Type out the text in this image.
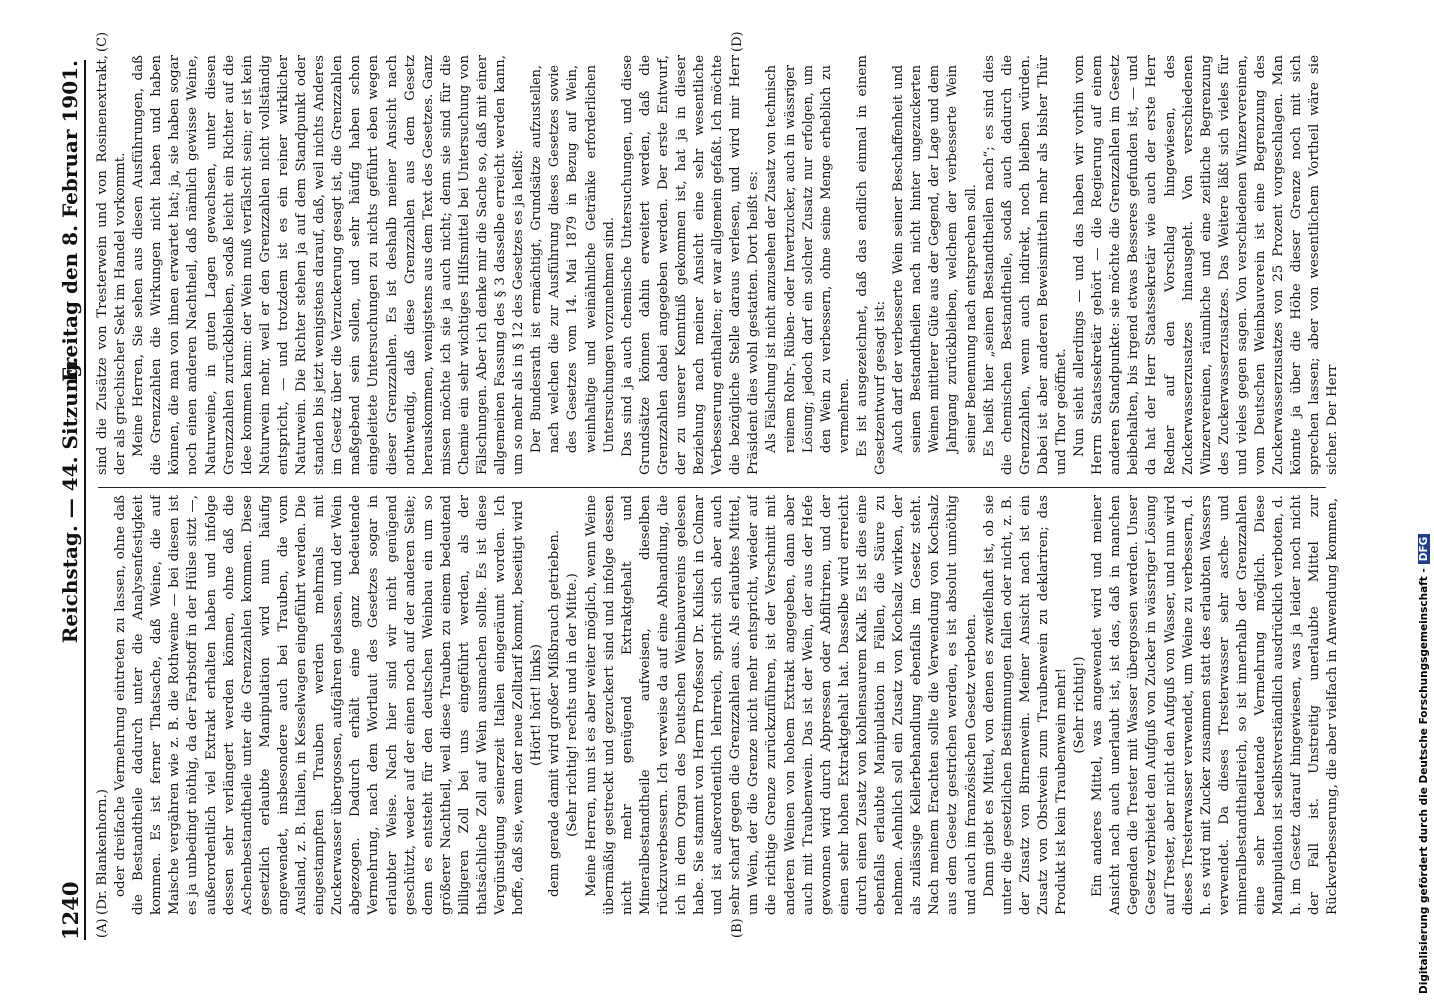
1240
Reichstag. — 44. Sitzung.
Freitag den 8. Februar 1901.
(A)	(B)
(C)	(D)

(Dr. Blankenhorn.) oder dreifache Vermehrung eintreten zu lassen, ohne daß die Bestandtheile dadurch unter die Analysenfestigkeit kommen. Es ist ferner Thatsache, daß Weine, die auf Maische vergähren wie z. B. die Rothweine — bei diesen ist es ja unbedingt nöthig, da der Farbstoff in der Hülse sitzt —, außerordentlich viel Extrakt erhalten haben und infolge dessen sehr verlängert werden können, ohne daß die Aschenbestandtheile unter die Grenzzahlen kommen. Diese gesetzlich erlaubte Manipulation wird nun häufig angewendet, insbesondere auch bei Trauben, die vom Ausland, z. B. Italien, in Kesselwagen eingeführt werden. Die eingestampften Trauben werden mehrmals mit Zuckerwasser übergossen, aufgähren gelassen, und der Wein abgezogen. Dadurch erhält eine ganz bedeutende Vermehrung, nach dem Wortlaut des Gesetzes sogar in erlaubter Weise. Nach hier sind wir nicht genügend geschützt, weder auf der einen noch auf der anderen Seite; denn es entsteht für den deutschen Weinbau ein um so größerer Nachtheil, weil diese Trauben zu einem bedeutend billigeren Zoll bei uns eingeführt werden, als der thatsächliche Zoll auf Wein ausmachen sollte. Es ist diese Vergünstigung seinerzeit Italien eingeräumt worden. Ich hoffe, daß sie, wenn der neue Zolltarif kommt, beseitigt wird (Hört! hört! links) denn gerade damit wird großer Mißbrauch getrieben. (Sehr richtig! rechts und in der Mitte.) Meine Herren, nun ist es aber weiter möglich, wenn Weine übermäßig gestreckt und gezuckert sind und infolge dessen nicht mehr genügend Extraktgehalt und Mineralbestandtheile aufweisen, dieselben rückzuverbessern. Ich verweise da auf eine Abhandlung, die ich in dem Organ des Deutschen Weinbauvereins gelesen habe. Sie stammt von Herrn Professor Dr. Kulisch in Colmar und ist außerordentlich lehrreich, spricht sich aber auch sehr scharf gegen die Grenzzahlen aus. Als erlaubtes Mittel, um Wein, der die Grenze nicht mehr entspricht, wieder auf die richtige Grenze zurückzuführen, ist der Verschnitt mit anderen Weinen von hohem Extrakt angegeben, dann aber auch mit Traubenwein. Das ist der Wein, der aus der Hefe gewonnen wird durch Abpressen oder Abfiltriren, und der einen sehr hohen Extraktgehalt hat. Dasselbe wird erreicht durch einen Zusatz von kohlensaurem Kalk. Es ist dies eine ebenfalls erlaubte Manipulation in Fällen, die Säure zu nehmen. Aehnlich soll ein Zusatz von Kochsalz wirken, der als zulässige Kellerbehandlung ebenfalls im Gesetz steht. Nach meinem Erachten sollte die Verwendung von Kochsalz aus dem Gesetz gestrichen werden, es ist absolut unnöthig und auch im französischen Gesetz verboten. Dann giebt es Mittel, von denen es zweifelhaft ist, ob sie unter die gesetzlichen Bestimmungen fallen oder nicht, z. B. der Zusatz von Birnenwein. Meiner Ansicht nach ist ein Zusatz von Obstwein zum Traubenwein zu deklariren; das Produkt ist kein Traubenwein mehr! (Sehr richtig!) Ein anderes Mittel, was angewendet wird und meiner Ansicht nach auch unerlaubt ist, ist das, daß in manchen Gegenden die Trester mit Wasser übergossen werden. Unser Gesetz verbietet den Aufguß von Zucker in wässriger Lösung auf Trester, aber nicht den Aufguß von Wasser, und nun wird dieses Tresterwasser verwendet, um Weine zu verbessern, d. h. es wird mit Zucker zusammen statt des erlaubten Wassers verwendet. Da dieses Tresterwasser sehr asche- und mineralbestandtheilreich, so ist innerhalb der Grenzzahlen eine sehr bedeutende Vermehrung möglich. Diese Manipulation ist selbstverständlich ausdrücklich verboten, d. h. im Gesetz darauf hingewiesen, was ja leider noch nicht der Fall ist. Unstreitig unerlaubte Mittel zur Rückverbesserung, die aber vielfach in Anwendung kommen,

sind die Zusätze von Tresterwein und von Rosinenextrakt, der als griechischer Sekt im Handel vorkommt. Meine Herren, Sie sehen aus diesen Ausführungen, daß die Grenzzahlen die Wirkungen nicht haben und haben können, die man von ihnen erwartet hat; ja, sie haben sogar noch einen anderen Nachtheil, daß nämlich gewisse Weine, Naturweine, in guten Lagen gewachsen, unter diesen Grenzzahlen zurückbleiben, sodaß leicht ein Richter auf die Idee kommen kann: der Wein muß verfälscht sein; er ist kein Naturwein mehr, weil er den Grenzzahlen nicht vollständig entspricht, — und trotzdem ist es ein reiner wirklicher Naturwein. Die Richter stehen ja auf dem Standpunkt oder standen bis jetzt wenigstens darauf, daß, weil nichts Anderes im Gesetz über die Verzuckerung gesagt ist, die Grenzzahlen maßgebend sein sollen, und sehr häufig haben schon eingeleitete Untersuchungen zu nichts geführt eben wegen dieser Grenzzahlen. Es ist deshalb meiner Ansicht nach nothwendig, daß diese Grenzzahlen aus dem Gesetz herauskommen, wenigstens aus dem Text des Gesetzes. Ganz missen möchte ich sie ja auch nicht; denn sie sind für die Chemie ein sehr wichtiges Hilfsmittel bei Untersuchung von Fälschungen. Aber ich denke mir die Sache so, daß mit einer allgemeinen Fassung des § 3 dasselbe erreicht werden kann, um so mehr als in § 12 des Gesetzes es ja heißt: Der Bundesrath ist ermächtigt, Grundsätze aufzustellen, nach welchen die zur Ausführung dieses Gesetzes sowie des Gesetzes vom 14. Mai 1879 in Bezug auf Wein, weinhaltige und weinähnliche Getränke erforderlichen Untersuchungen vorzunehmen sind. Das sind ja auch chemische Untersuchungen, und diese Grundsätze können dahin erweitert werden, daß die Grenzzahlen dabei angegeben werden. Der erste Entwurf, der zu unserer Kenntniß gekommen ist, hat ja in dieser Beziehung nach meiner Ansicht eine sehr wesentliche Verbesserung enthalten; er war allgemein gefaßt. Ich möchte die bezügliche Stelle daraus verlesen, und wird mir Herr Präsident dies wohl gestatten. Dort heißt es: Als Fälschung ist nicht anzusehen der Zusatz von technisch reinem Rohr-, Rüben- oder Invertzucker, auch in wässriger Lösung; jedoch darf ein solcher Zusatz nur erfolgen, um den Wein zu verbessern, ohne seine Menge erheblich zu vermehren. Es ist ausgezeichnet, daß das endlich einmal in einem Gesetzentwurf gesagt ist: Auch darf der verbesserte Wein seiner Beschaffenheit und seinen Bestandtheilen nach nicht hinter ungezuckerten Weinen mittlerer Güte aus der Gegend, der Lage und dem Jahrgang zurückbleiben, welchem der verbesserte Wein seiner Benennung nach entsprechen soll. Es heißt hier „seinen Bestandtheilen nach“; es sind dies die chemischen Bestandtheile, sodaß auch dadurch die Grenzzahlen, wenn auch indirekt, noch bleiben würden. Dabei ist aber anderen Beweismitteln mehr als bisher Thür und Thor geöffnet. Nun sieht allerdings — und das haben wir vorhin vom Herrn Staatssekretär gehört — die Regierung auf einem anderen Standpunkte: sie möchte die Grenzzahlen im Gesetz beibehalten, bis irgend etwas Besseres gefunden ist, — und da hat der Herr Staatssekretär wie auch der erste Herr Redner auf den Vorschlag hingewiesen, des Zuckerwasserzusatzes hinausgeht. Von verschiedenen Winzervereinen, räumliche und eine zeitliche Begrenzung des Zuckerwasserzusatzes. Das Weitere läßt sich vieles für und vieles gegen sagen. Von verschiedenen Winzervereinen, vom Deutschen Weinbauverein ist eine Begrenzung des Zuckerwasserzusatzes von 25 Prozent vorgeschlagen. Man könnte ja über die Höhe dieser Grenze noch mit sich sprechen lassen; aber von wesentlichem Vortheil wäre sie sicher. Der Herr

Digitalisierung gefördert durch die Deutsche Forschungsgemeinschaft -DFG
